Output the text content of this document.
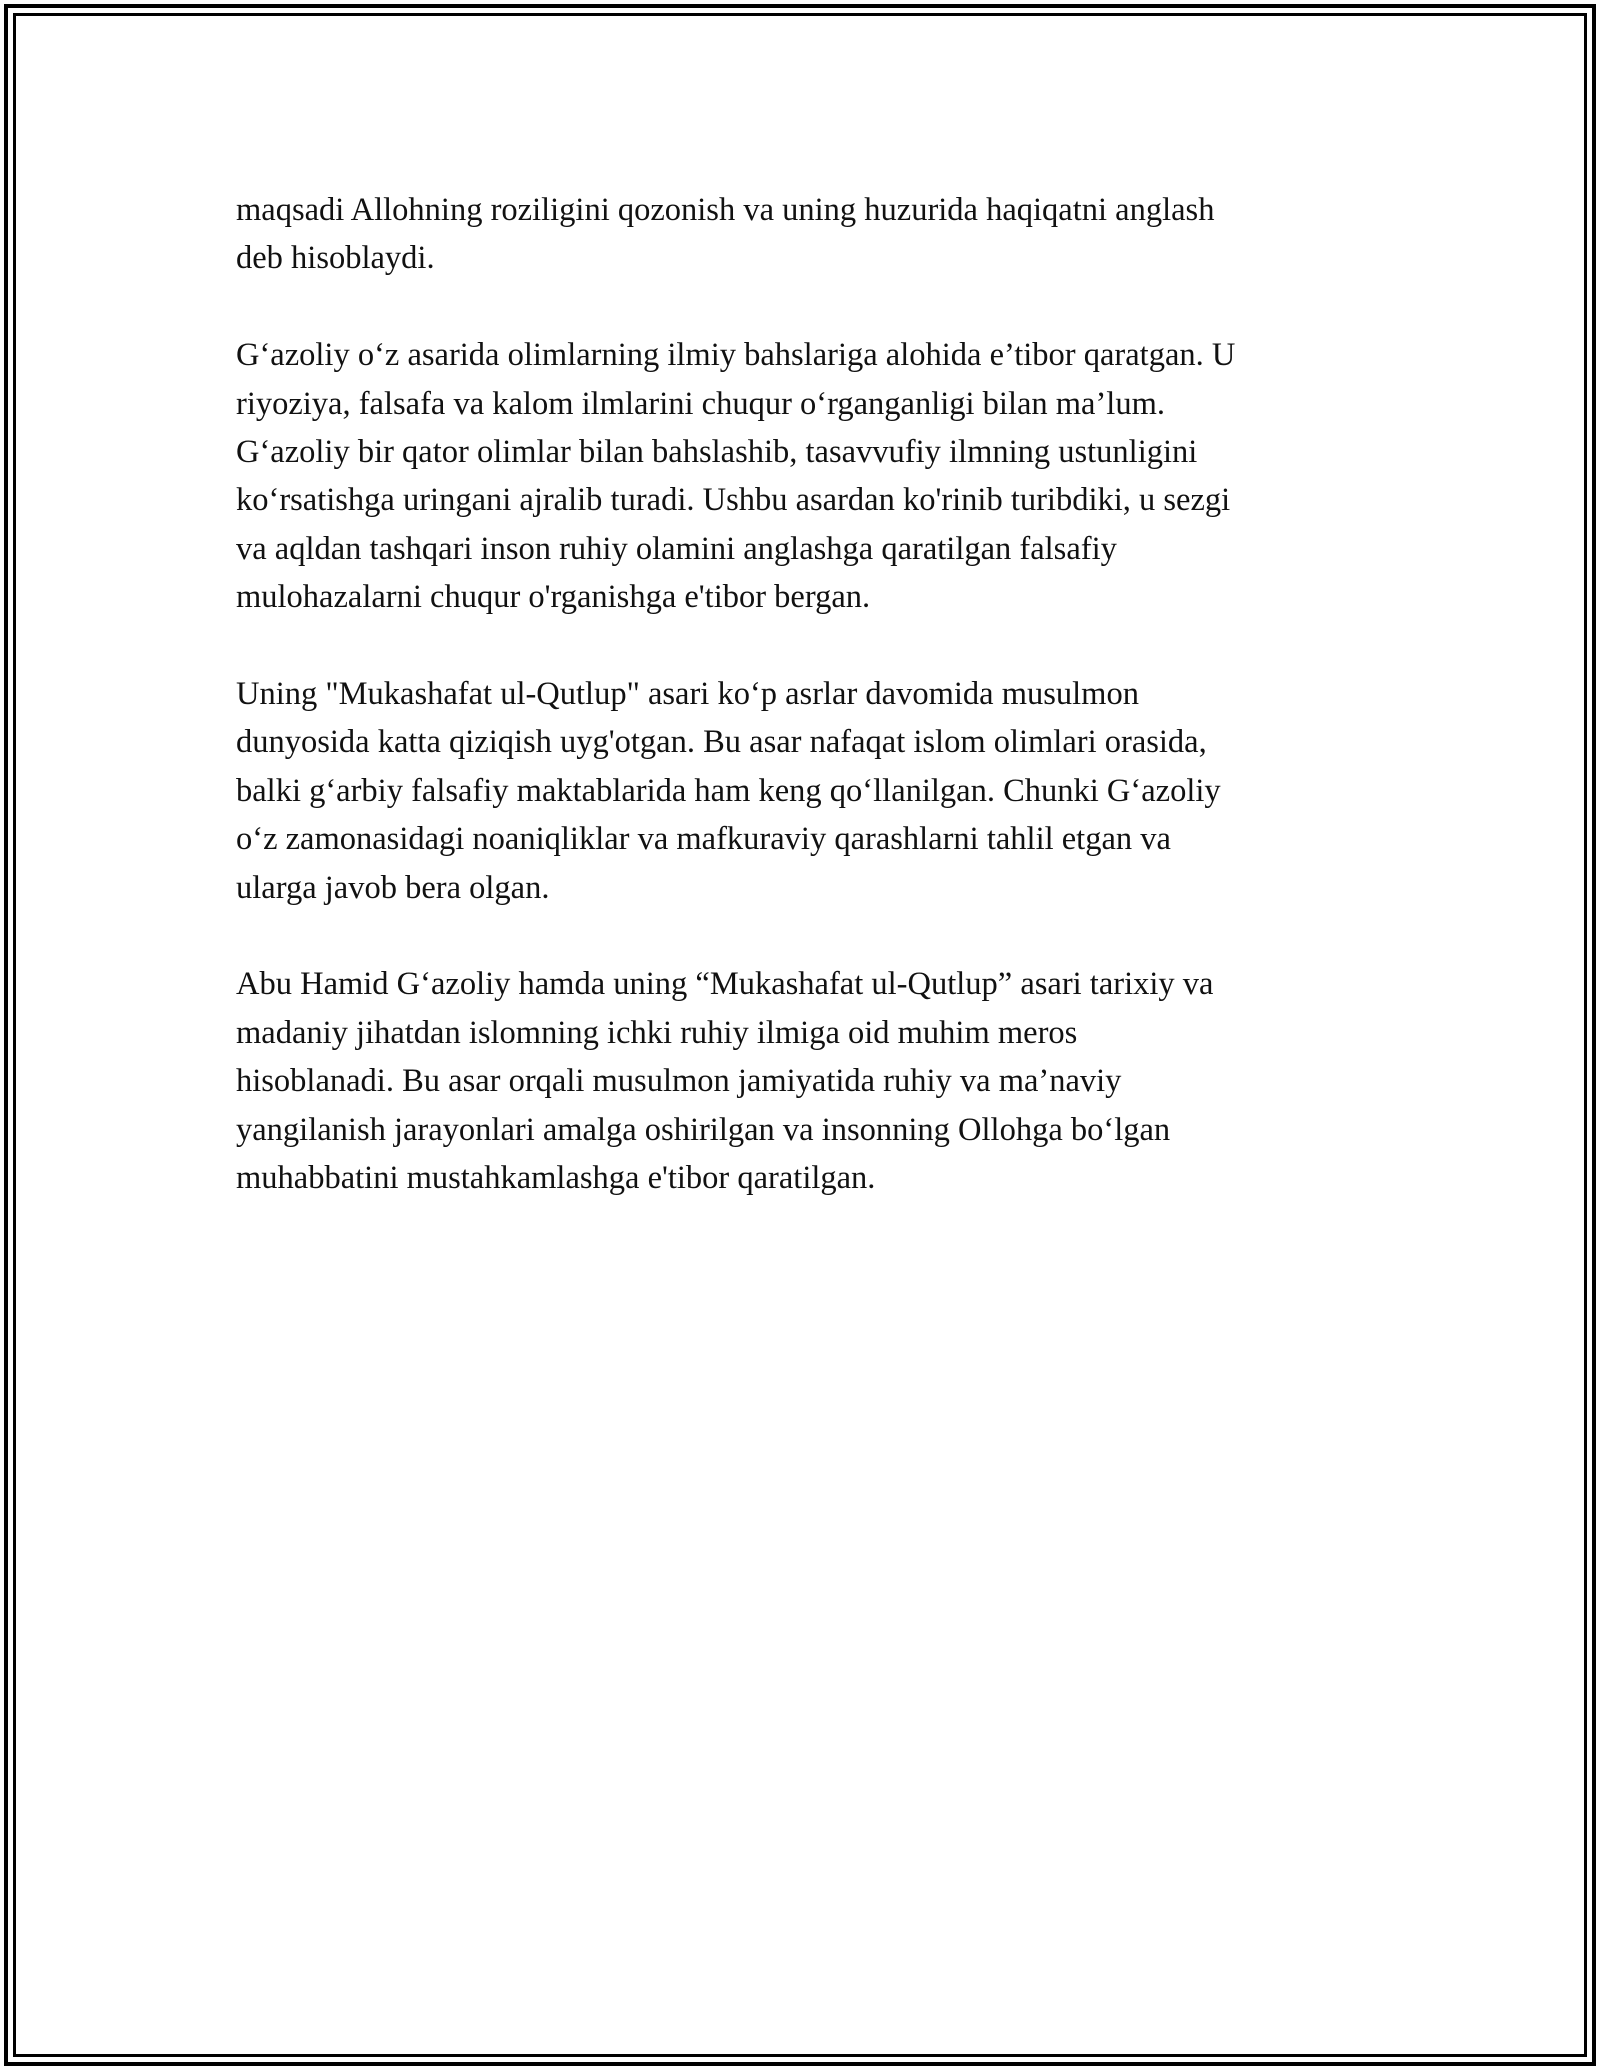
maqsadi Allohning roziligini qozonish va uning huzurida haqiqatni anglash
deb hisoblaydi.

G‘azoliy o‘z asarida olimlarning ilmiy bahslariga alohida e’tibor qaratgan. U
riyoziya, falsafa va kalom ilmlarini chuqur o‘rganganligi bilan ma’lum.
G‘azoliy bir qator olimlar bilan bahslashib, tasavvufiy ilmning ustunligini
ko‘rsatishga uringani ajralib turadi. Ushbu asardan ko'rinib turibdiki, u sezgi
va aqldan tashqari inson ruhiy olamini anglashga qaratilgan falsafiy
mulohazalarni chuqur o'rganishga e'tibor bergan.

Uning "Mukashafat ul-Qutlup" asari ko‘p asrlar davomida musulmon
dunyosida katta qiziqish uyg'otgan. Bu asar nafaqat islom olimlari orasida,
balki g‘arbiy falsafiy maktablarida ham keng qo‘llanilgan. Chunki G‘azoliy
o‘z zamonasidagi noaniqliklar va mafkuraviy qarashlarni tahlil etgan va
ularga javob bera olgan.

Abu Hamid G‘azoliy hamda uning “Mukashafat ul-Qutlup” asari tarixiy va
madaniy jihatdan islomning ichki ruhiy ilmiga oid muhim meros
hisoblanadi. Bu asar orqali musulmon jamiyatida ruhiy va ma’naviy
yangilanish jarayonlari amalga oshirilgan va insonning Ollohga bo‘lgan
muhabbatini mustahkamlashga e'tibor qaratilgan.
